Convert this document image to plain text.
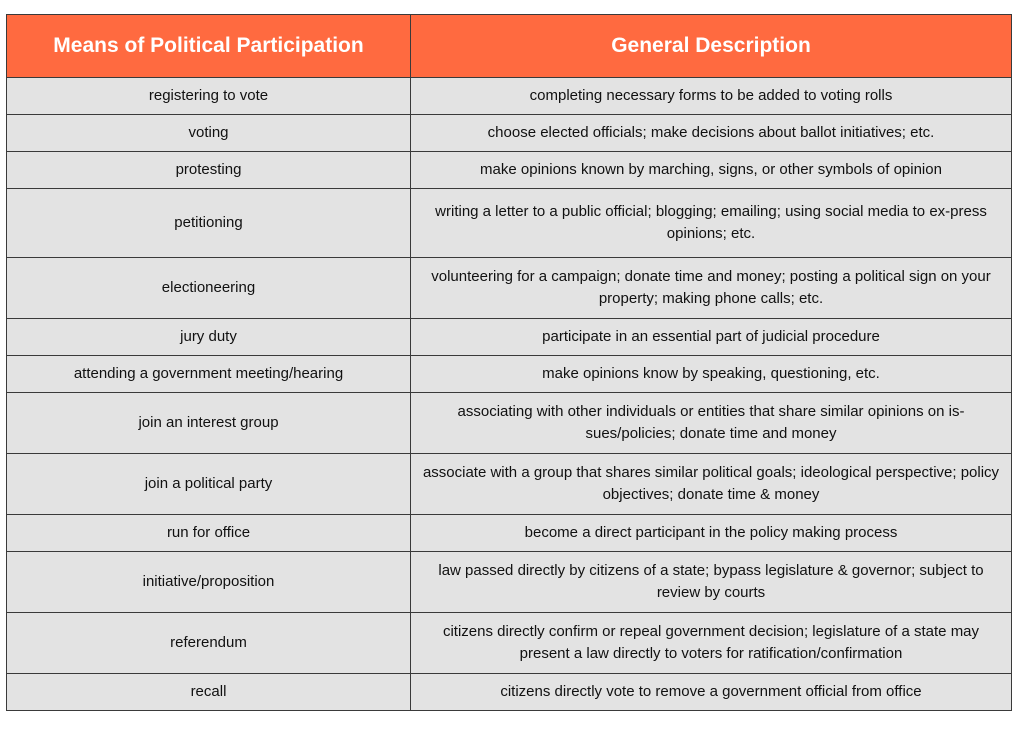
Means of Political Participation	General Description
registering to vote	completing necessary forms to be added to voting rolls
voting	choose elected officials; make decisions about ballot initiatives; etc.
protesting	make opinions known by marching, signs, or other symbols of opinion
petitioning	writing a letter to a public official; blogging; emailing; using social media to ex-press opinions; etc.
electioneering	volunteering for a campaign; donate time and money; posting a political sign on your property; making phone calls; etc.
jury duty	participate in an essential part of judicial procedure
attending a government meeting/hearing	make opinions know by speaking, questioning, etc.
join an interest group	associating with other individuals or entities that share similar opinions on is-sues/policies; donate time and money
join a political party	associate with a group that shares similar political goals; ideological perspective; policy objectives; donate time & money
run for office	become a direct participant in the policy making process
initiative/proposition	law passed directly by citizens of a state; bypass legislature & governor; subject to review by courts
referendum	citizens directly confirm or repeal government decision; legislature of a state may present a law directly to voters for ratification/confirmation
recall	citizens directly vote to remove a government official from office
